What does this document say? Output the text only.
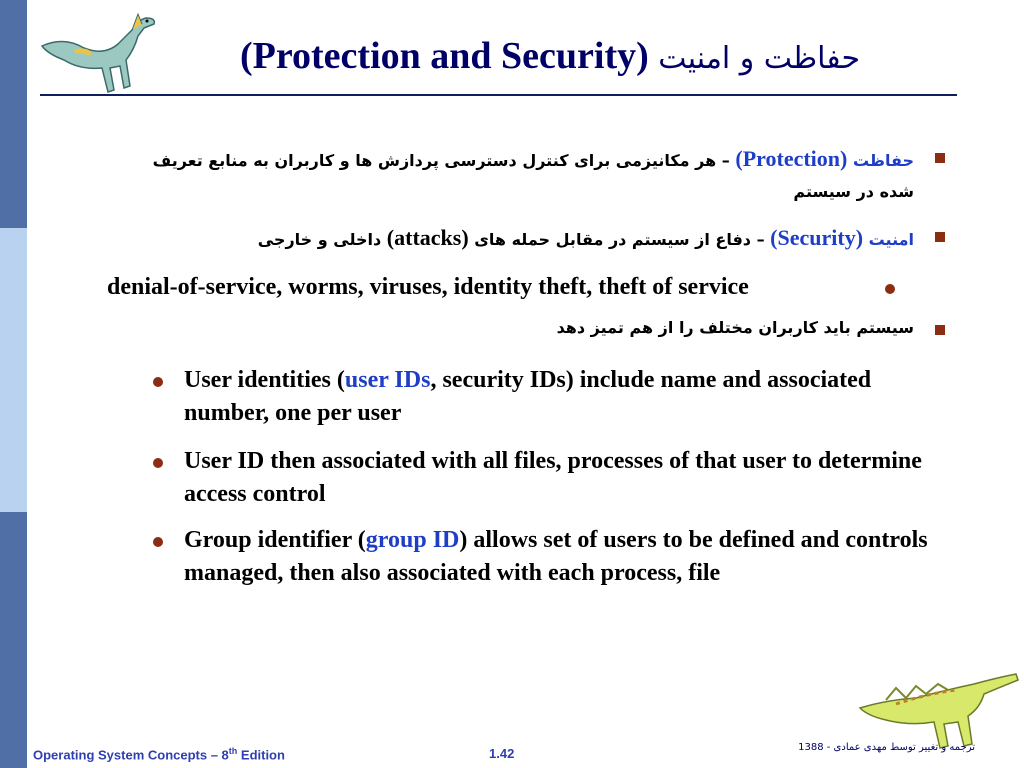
(Protection and Security) حفاظت و امنیت
حفاظت (Protection) – هر مکانیزمی برای کنترل دسترسی پردازش ها و کاربران به منابع تعریف
شده در سیستم
امنیت (Security) – دفاع از سیستم در مقابل حمله های (attacks) داخلی و خارجی
denial-of-service, worms, viruses, identity theft, theft of service
سیستم باید کاربران مختلف را از هم تمیز دهد
User identities (user IDs, security IDs) include name and associated number, one per user
User ID then associated with all files, processes of that user to determine access control
Group identifier (group ID) allows set of users to be defined and controls managed, then also associated with each process, file
Operating System Concepts – 8th Edition	1.42	ترجمه و تغییر توسط مهدی عمادی - 1388
